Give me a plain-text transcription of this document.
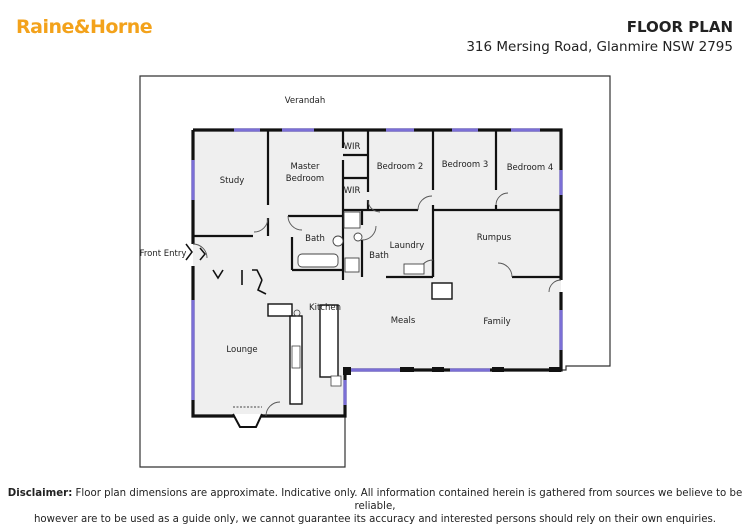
Raine&Horne	FLOOR PLAN
316 Mersing Road, Glanmire NSW 2795
Verandah
Study
Master
Bedroom
WIR
WIR
Bedroom 2 Bedroom 3 Bedroom 4
Bath
Bath
Laundry
Rumpus
Kitchen
Meals	Family
Lounge
Front Entry
Disclaimer: Floor plan dimensions are approximate. Indicative only. All information contained herein is gathered from sources we believe to be reliable,
however are to be used as a guide only, we cannot guarantee its accuracy and interested persons should rely on their own enquiries.
